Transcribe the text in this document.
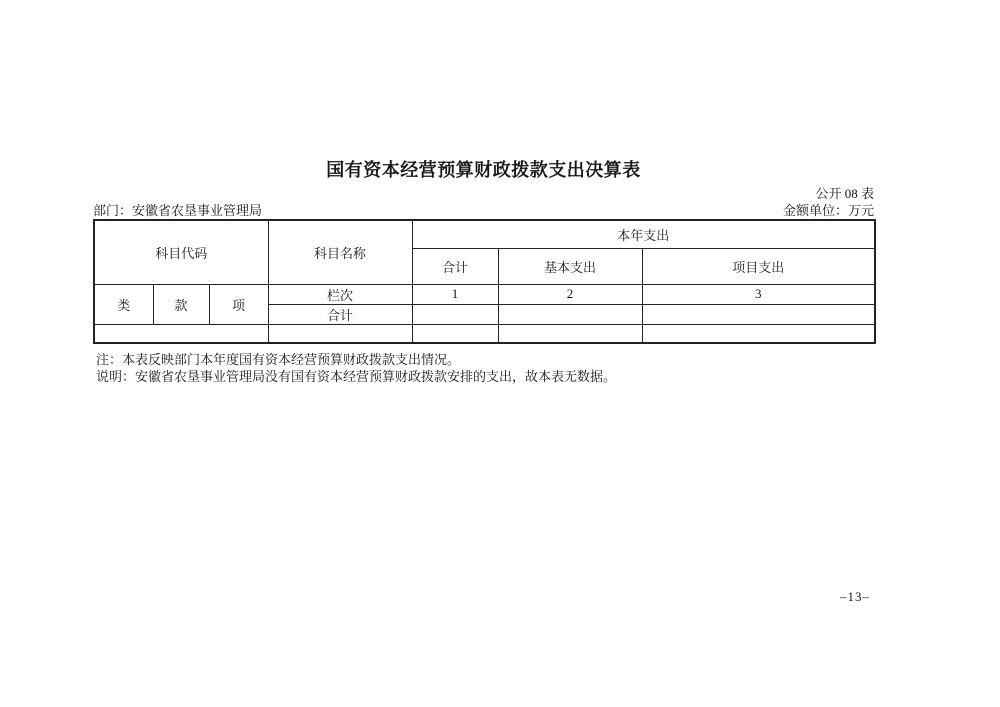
国有资本经营预算财政拨款支出决算表
公开 08 表
部门：安徽省农垦事业管理局	金额单位：万元
科目代码			科目名称	本年支出		
				合计	基本支出	项目支出
类	款	项	栏次	1	2	3
			合计			

注：本表反映部门本年度国有资本经营预算财政拨款支出情况。
说明：安徽省农垦事业管理局没有国有资本经营预算财政拨款安排的支出，故本表无数据。
–13–
